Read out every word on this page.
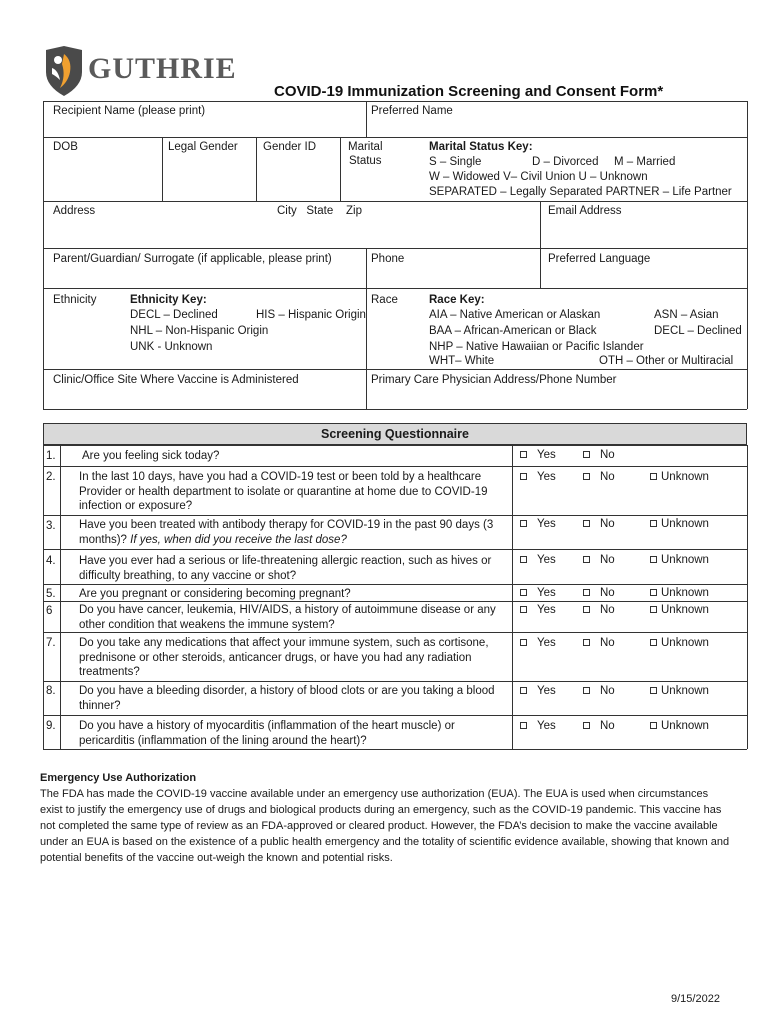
GUTHRIE
COVID-19 Immunization Screening and Consent Form*
Recipient Name (please print)	Preferred Name
DOB	Legal Gender Gender ID	Marital
Status
Marital Status Key:
S – Single	D – Divorced M – Married
W – Widowed V– Civil Union U – Unknown
SEPARATED – Legally Separated PARTNER – Life Partner
Address	City   State    Zip	Email Address
Parent/Guardian/ Surrogate (if applicable, please print)	Phone	Preferred Language
Ethnicity	Ethnicity Key:
DECL – Declined	HIS – Hispanic Origin
NHL – Non-Hispanic Origin
UNK - Unknown
Race	Race Key:
AIA – Native American or Alaskan	ASN – Asian
BAA – African-American or Black	DECL – Declined
NHP – Native Hawaiian or Pacific Islander
WHT– White	OTH – Other or Multiracial
Clinic/Office Site Where Vaccine is Administered	Primary Care Physician Address/Phone Number
Screening Questionnaire
1. Are you feeling sick today?	Yes	No
2. In the last 10 days, have you had a COVID-19 test or been told by a healthcare Provider or health department to isolate or quarantine at home due to COVID-19 infection or exposure?
Yes	No	Unknown
3. Have you been treated with antibody therapy for COVID-19 in the past 90 days (3 months)? If yes, when did you receive the last dose?
Yes	No	Unknown
4. Have you ever had a serious or life-threatening allergic reaction, such as hives or difficulty breathing, to any vaccine or shot?
Yes	No	Unknown
5. Are you pregnant or considering becoming pregnant?	Yes	No	Unknown
6 Do you have cancer, leukemia, HIV/AIDS, a history of autoimmune disease or any other condition that weakens the immune system?
Yes	No	Unknown
7. Do you take any medications that affect your immune system, such as cortisone, prednisone or other steroids, anticancer drugs, or have you had any radiation treatments?
Yes	No	Unknown
8. Do you have a bleeding disorder, a history of blood clots or are you taking a blood thinner?
Yes	No	Unknown
9. Do you have a history of myocarditis (inflammation of the heart muscle) or pericarditis (inflammation of the lining around the heart)?
Yes	No	Unknown
Emergency Use Authorization
The FDA has made the COVID-19 vaccine available under an emergency use authorization (EUA). The EUA is used when circumstances exist to justify the emergency use of drugs and biological products during an emergency, such as the COVID-19 pandemic. This vaccine has not completed the same type of review as an FDA-approved or cleared product. However, the FDA’s decision to make the vaccine available under an EUA is based on the existence of a public health emergency and the totality of scientific evidence available, showing that known and potential benefits of the vaccine out-weigh the known and potential risks.
9/15/2022
